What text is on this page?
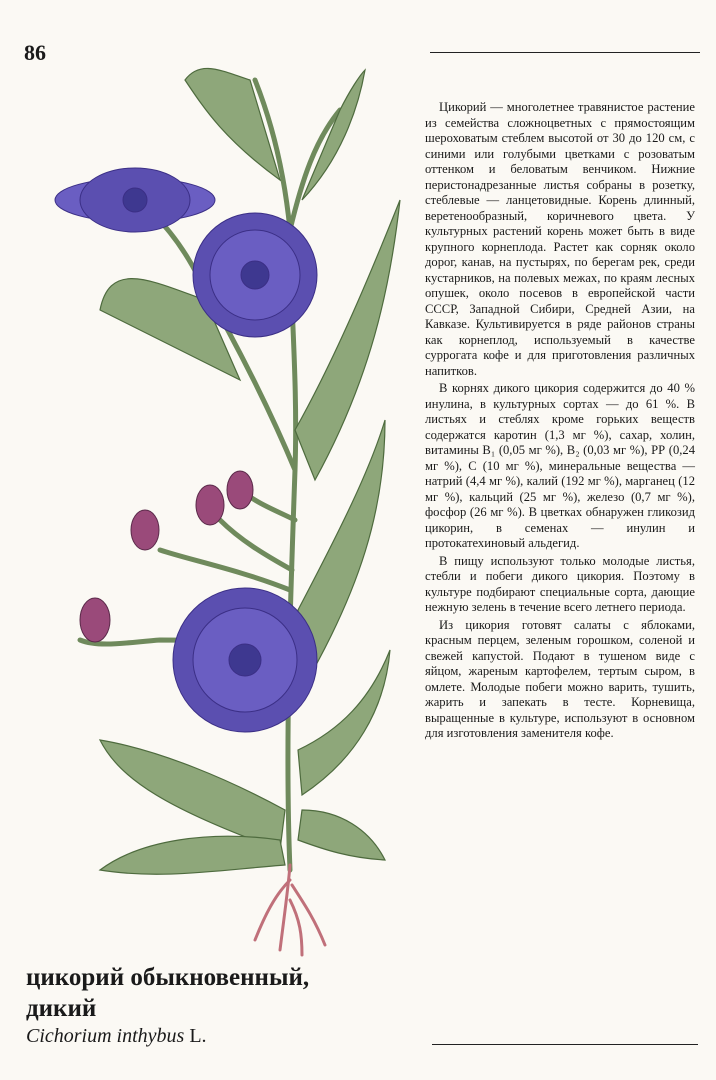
86

Цикорий — многолетнее травянистое растение из семейства сложноцветных с прямостоящим шероховатым стеблем высотой от 30 до 120 см, с синими или голубыми цветками с розоватым оттенком и беловатым венчиком. Нижние перистонадрезанные листья собраны в розетку, стеблевые — ланцетовидные. Корень длинный, веретенообразный, коричневого цвета. У культурных растений корень может быть в виде крупного корнеплода. Растет как сорняк около дорог, канав, на пустырях, по берегам рек, среди кустарников, на полевых межах, по краям лесных опушек, около посевов в европейской части СССР, Западной Сибири, Средней Азии, на Кавказе. Культивируется в ряде районов страны как корнеплод, используемый в качестве суррогата кофе и для приготовления различных напитков.

В корнях дикого цикория содержится до 40 % инулина, в культурных сортах — до 61 %. В листьях и стеблях кроме горьких веществ содержатся каротин (1,3 мг %), сахар, холин, витамины В₁ (0,05 мг %), В₂ (0,03 мг %), РР (0,24 мг %), С (10 мг %), минеральные вещества — натрий (4,4 мг %), калий (192 мг %), марганец (12 мг %), кальций (25 мг %), железо (0,7 мг %), фосфор (26 мг %). В цветках обнаружен гликозид цикорин, в семенах — инулин и протокатехиновый альдегид.

В пищу используют только молодые листья, стебли и побеги дикого цикория. Поэтому в культуре подбирают специальные сорта, дающие нежную зелень в течение всего летнего периода.

Из цикория готовят салаты с яблоками, красным перцем, зеленым горошком, соленой и свежей капустой. Подают в тушеном виде с яйцом, жареным картофелем, тертым сыром, в омлете. Молодые побеги можно варить, тушить, жарить и запекать в тесте. Корневища, выращенные в культуре, используют в основном для изготовления заменителя кофе.

цикорий обыкновенный,
дикий
Cichorium inthybus L.
